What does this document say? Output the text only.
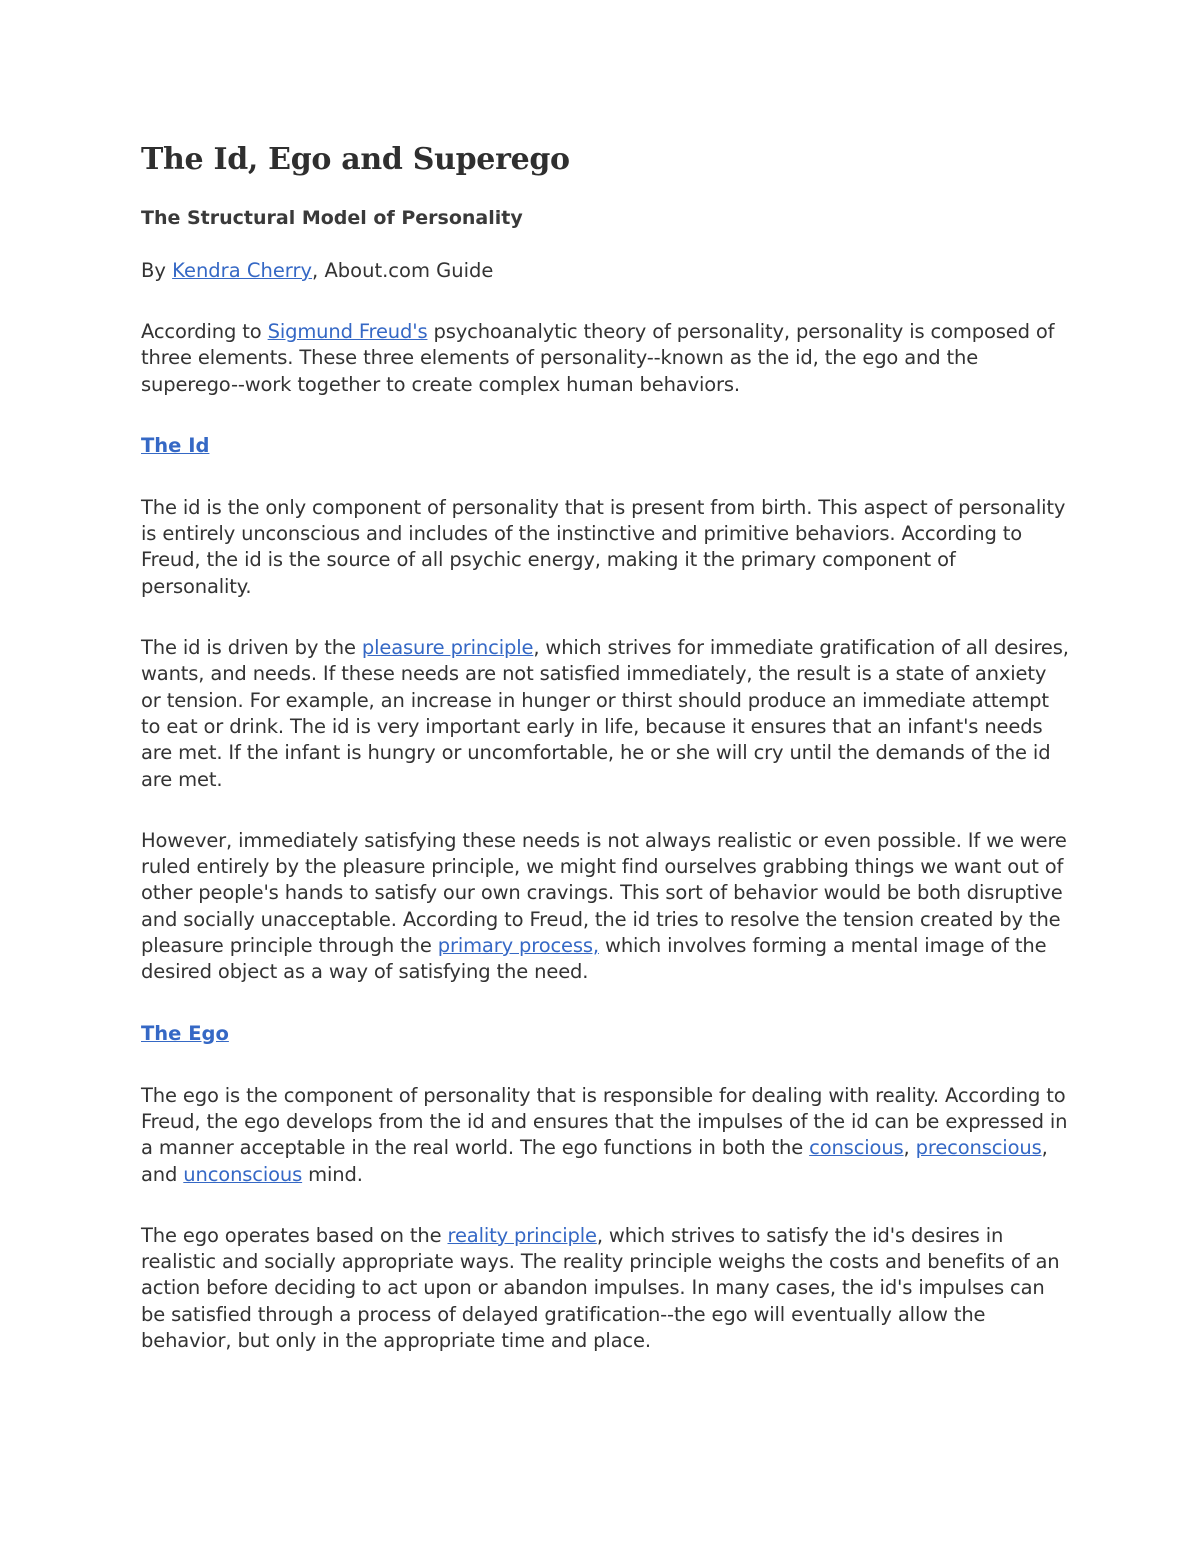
The Id, Ego and Superego
The Structural Model of Personality
By Kendra Cherry, About.com Guide

According to Sigmund Freud's psychoanalytic theory of personality, personality is composed of three elements. These three elements of personality--known as the id, the ego and the superego--work together to create complex human behaviors.

The Id

The id is the only component of personality that is present from birth. This aspect of personality is entirely unconscious and includes of the instinctive and primitive behaviors. According to Freud, the id is the source of all psychic energy, making it the primary component of personality.

The id is driven by the pleasure principle, which strives for immediate gratification of all desires, wants, and needs. If these needs are not satisfied immediately, the result is a state of anxiety or tension. For example, an increase in hunger or thirst should produce an immediate attempt to eat or drink. The id is very important early in life, because it ensures that an infant's needs are met. If the infant is hungry or uncomfortable, he or she will cry until the demands of the id are met.

However, immediately satisfying these needs is not always realistic or even possible. If we were ruled entirely by the pleasure principle, we might find ourselves grabbing things we want out of other people's hands to satisfy our own cravings. This sort of behavior would be both disruptive and socially unacceptable. According to Freud, the id tries to resolve the tension created by the pleasure principle through the primary process, which involves forming a mental image of the desired object as a way of satisfying the need.

The Ego

The ego is the component of personality that is responsible for dealing with reality. According to Freud, the ego develops from the id and ensures that the impulses of the id can be expressed in a manner acceptable in the real world. The ego functions in both the conscious, preconscious, and unconscious mind.

The ego operates based on the reality principle, which strives to satisfy the id's desires in realistic and socially appropriate ways. The reality principle weighs the costs and benefits of an action before deciding to act upon or abandon impulses. In many cases, the id's impulses can be satisfied through a process of delayed gratification--the ego will eventually allow the behavior, but only in the appropriate time and place.
